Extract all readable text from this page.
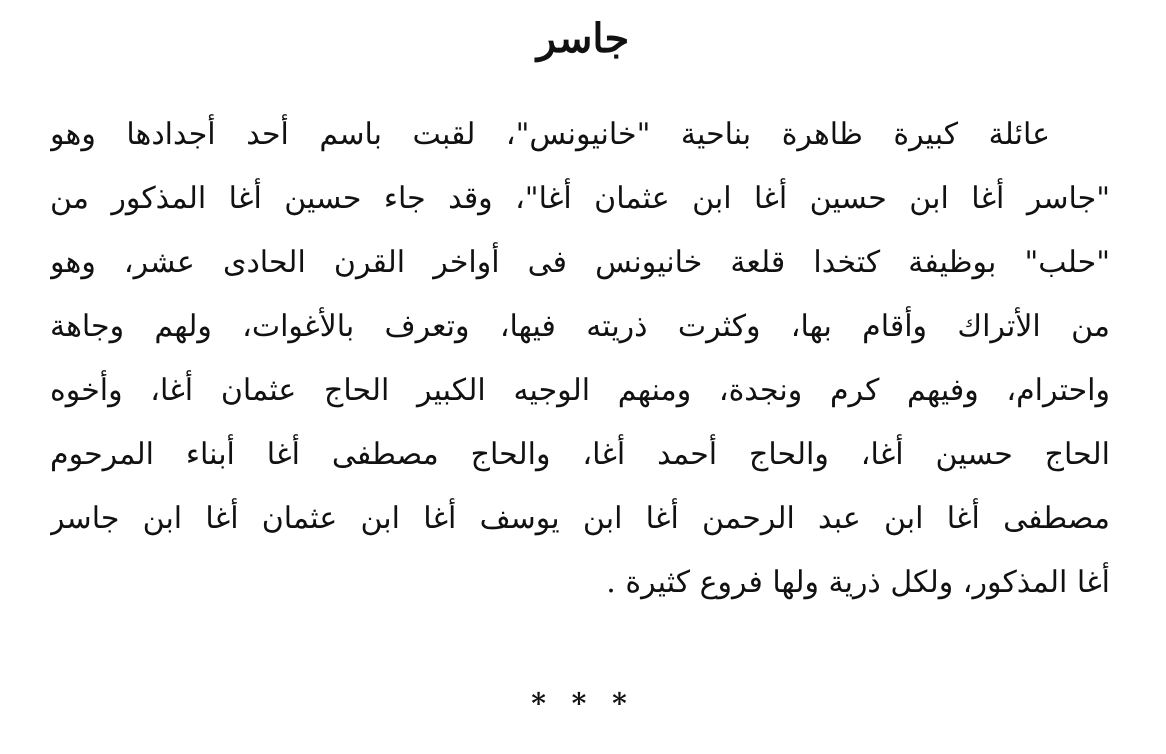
جاسر
عائلة كبيرة ظاهرة بناحية "خانيونس"، لقبت باسم أحد أجدادها وهو
"جاسر أغا ابن حسين أغا ابن عثمان أغا"، وقد جاء حسين أغا المذكور من
"حلب" بوظيفة كتخدا قلعة خانيونس فى أواخر القرن الحادى عشر، وهو
من الأتراك وأقام بها، وكثرت ذريته فيها، وتعرف بالأغوات، ولهم وجاهة
واحترام، وفيهم كرم ونجدة، ومنهم الوجيه الكبير الحاج عثمان أغا، وأخوه
الحاج حسين أغا، والحاج أحمد أغا، والحاج مصطفى أغا أبناء المرحوم
مصطفى أغا ابن عبد الرحمن أغا ابن يوسف أغا ابن عثمان أغا ابن جاسر
أغا المذكور، ولكل ذرية ولها فروع كثيرة .
* * *
